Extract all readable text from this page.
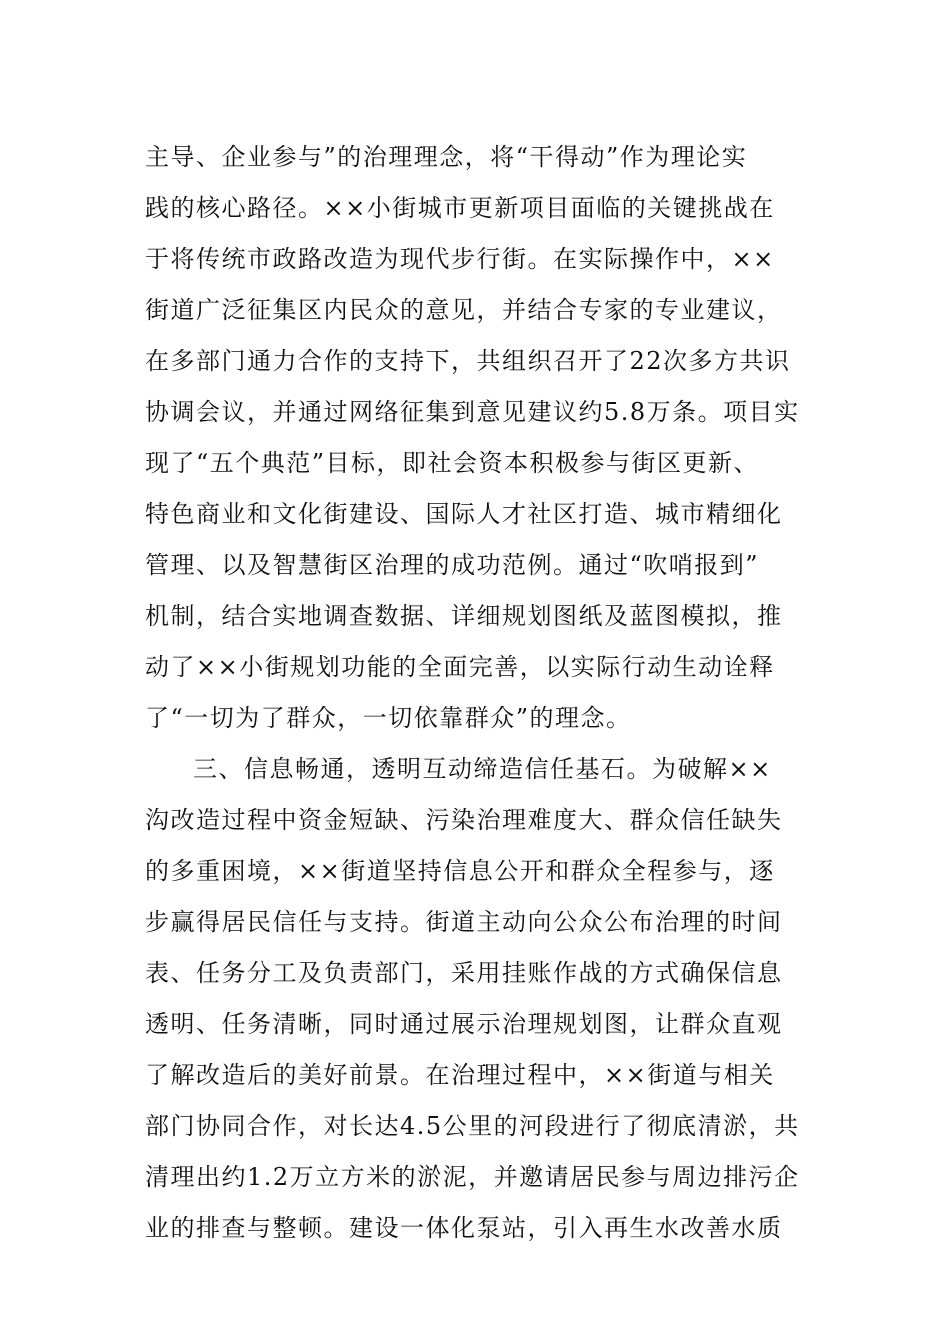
主导、企业参与”的治理理念，将“干得动”作为理论实
践的核心路径。××小街城市更新项目面临的关键挑战在
于将传统市政路改造为现代步行街。在实际操作中，××
街道广泛征集区内民众的意见，并结合专家的专业建议，
在多部门通力合作的支持下，共组织召开了22次多方共识
协调会议，并通过网络征集到意见建议约5.8万条。项目实
现了“五个典范”目标，即社会资本积极参与街区更新、
特色商业和文化街建设、国际人才社区打造、城市精细化
管理、以及智慧街区治理的成功范例。通过“吹哨报到”
机制，结合实地调查数据、详细规划图纸及蓝图模拟，推
动了××小街规划功能的全面完善，以实际行动生动诠释
了“一切为了群众，一切依靠群众”的理念。
三、信息畅通，透明互动缔造信任基石。为破解××
沟改造过程中资金短缺、污染治理难度大、群众信任缺失
的多重困境，××街道坚持信息公开和群众全程参与，逐
步赢得居民信任与支持。街道主动向公众公布治理的时间
表、任务分工及负责部门，采用挂账作战的方式确保信息
透明、任务清晰，同时通过展示治理规划图，让群众直观
了解改造后的美好前景。在治理过程中，××街道与相关
部门协同合作，对长达4.5公里的河段进行了彻底清淤，共
清理出约1.2万立方米的淤泥，并邀请居民参与周边排污企
业的排查与整顿。建设一体化泵站，引入再生水改善水质
